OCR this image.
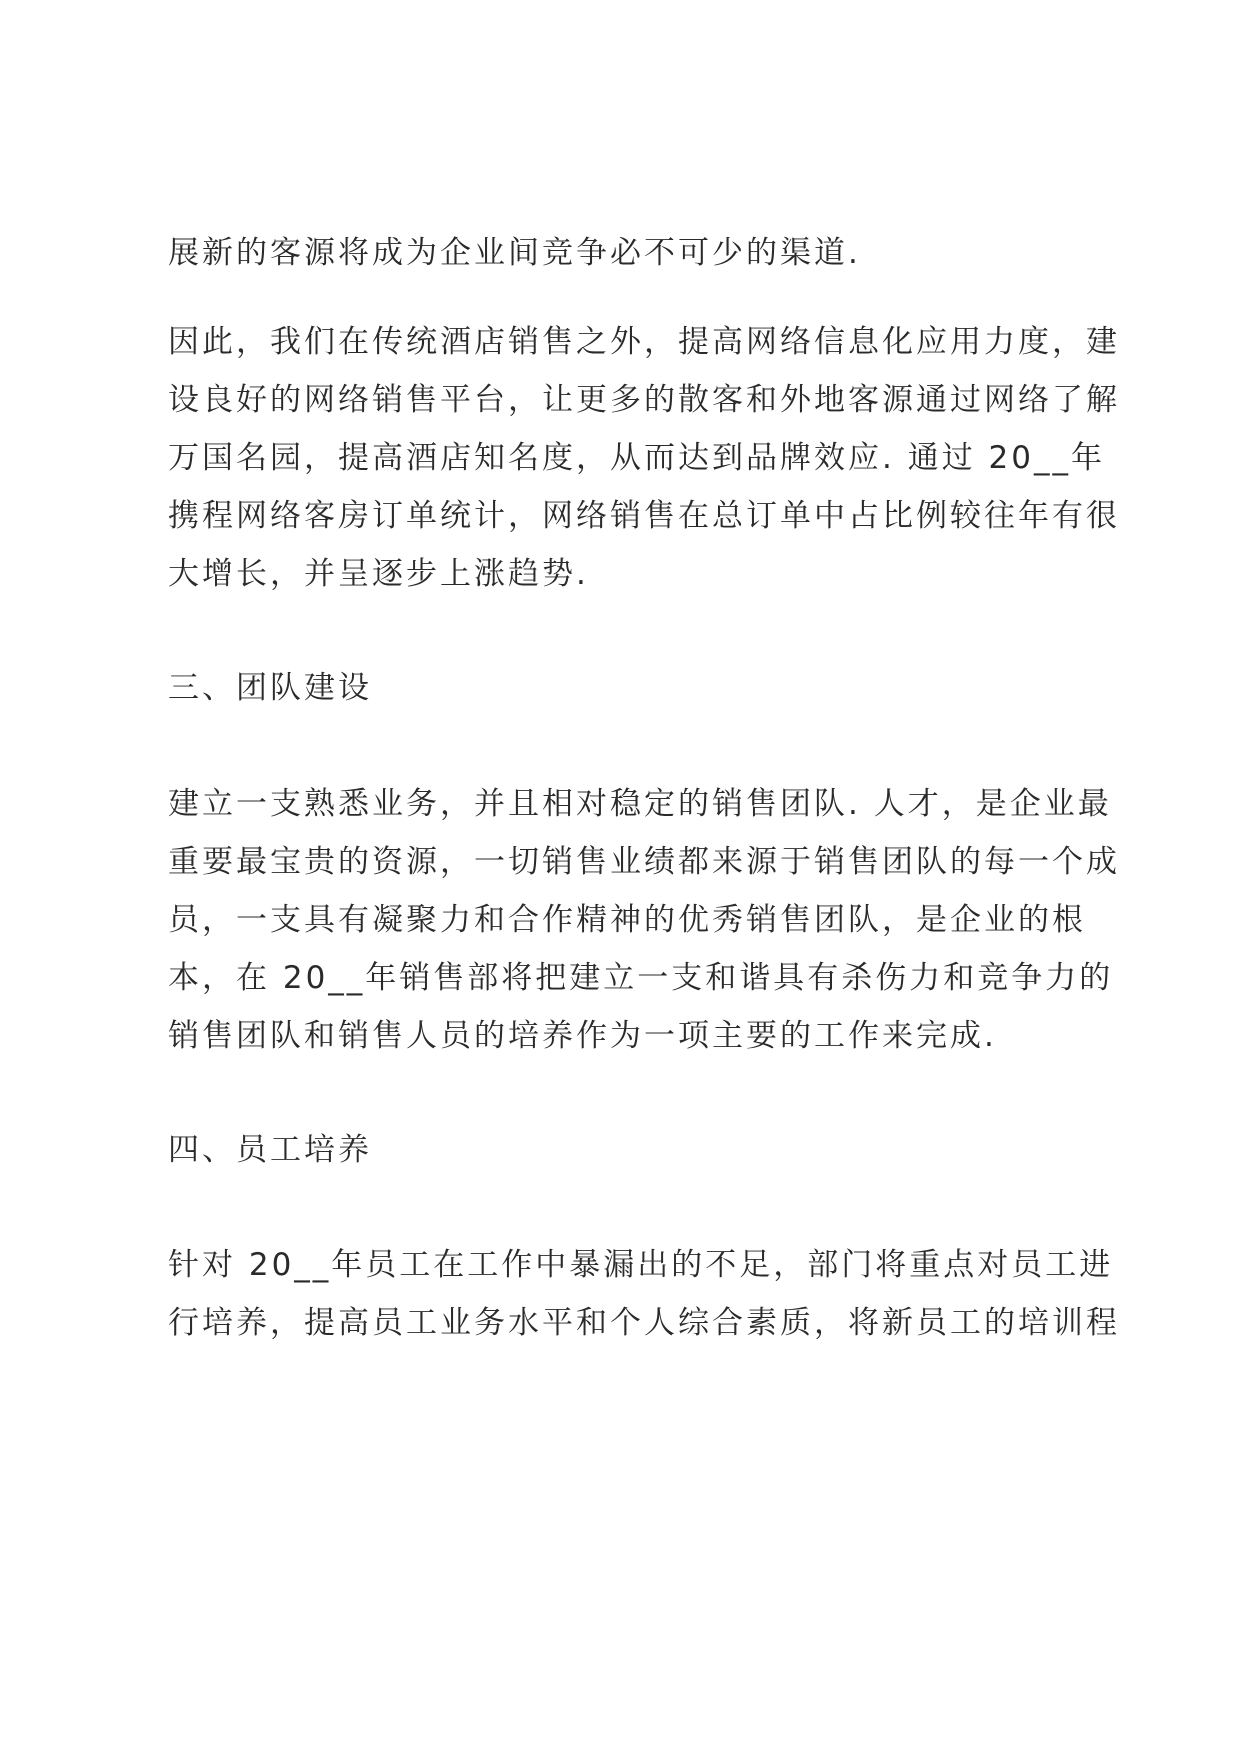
展新的客源将成为企业间竞争必不可少的渠道.
因此，我们在传统酒店销售之外，提高网络信息化应用力度，建
设良好的网络销售平台，让更多的散客和外地客源通过网络了解
万国名园，提高酒店知名度，从而达到品牌效应. 通过 20__年
携程网络客房订单统计，网络销售在总订单中占比例较往年有很
大增长，并呈逐步上涨趋势.
三、团队建设
建立一支熟悉业务，并且相对稳定的销售团队. 人才，是企业最
重要最宝贵的资源，一切销售业绩都来源于销售团队的每一个成
员，一支具有凝聚力和合作精神的优秀销售团队，是企业的根
本，在 20__年销售部将把建立一支和谐具有杀伤力和竞争力的
销售团队和销售人员的培养作为一项主要的工作来完成.
四、员工培养
针对 20__年员工在工作中暴漏出的不足，部门将重点对员工进
行培养，提高员工业务水平和个人综合素质，将新员工的培训程
